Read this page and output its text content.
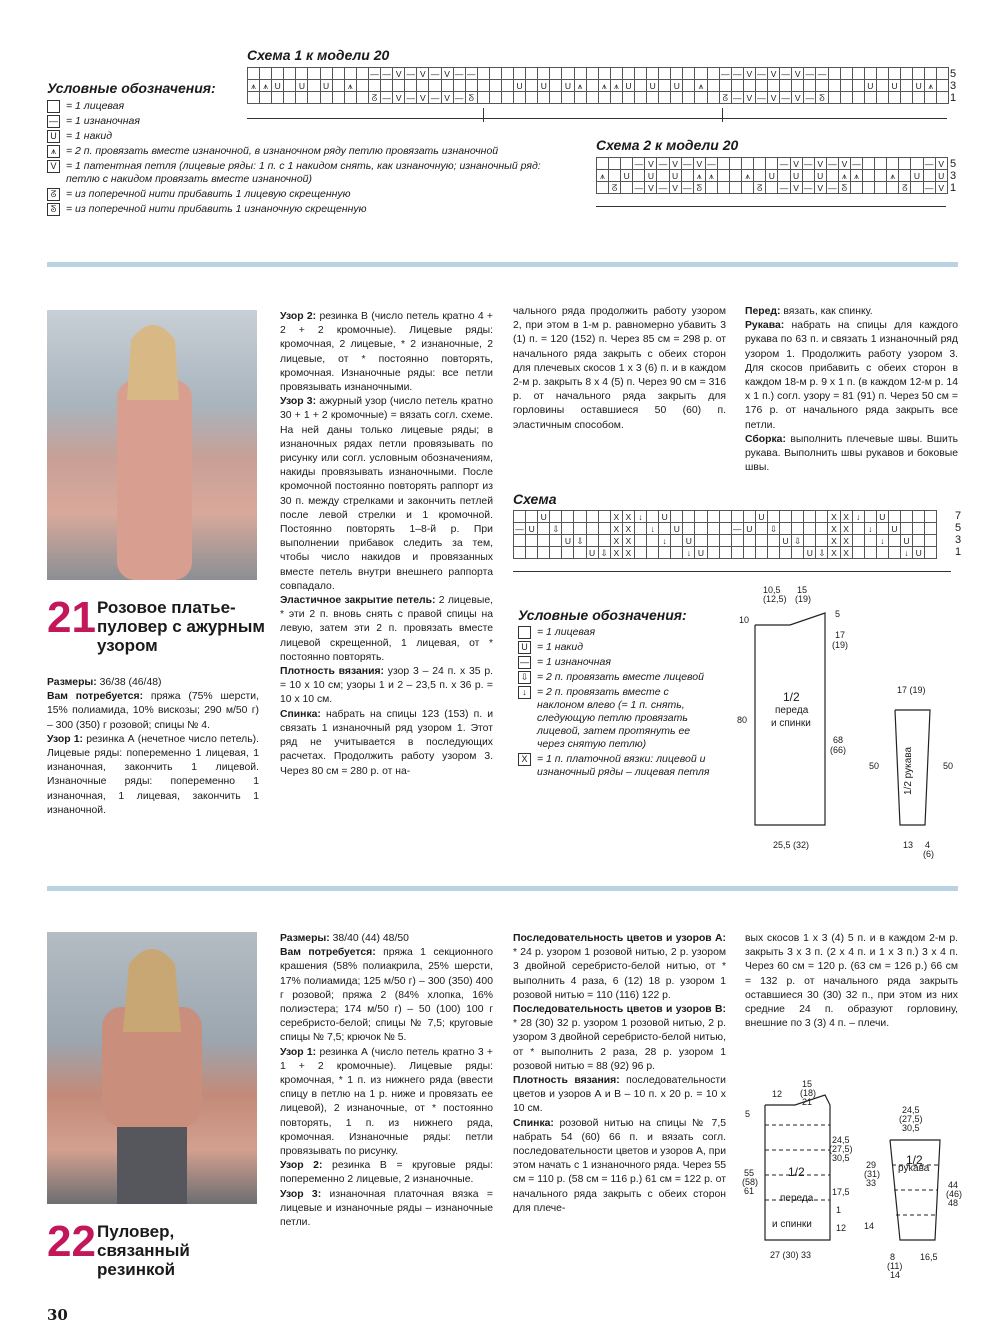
Условные обозначения:
= 1 лицевая
— = 1 изнаночная
U = 1 накид
⩚ = 2 п. провязать вместе изнаночной, в изнаночном ряду петлю провязать изнаночной
V = 1 патентная петля (лицевые ряды: 1 п. с 1 накидом снять, как изнаночную; изнаночный ряд: петлю с накидом провязать вместе изнаночной)
ᘔ = из поперечной нити прибавить 1 лицевую скрещенную
ᘕ = из поперечной нити прибавить 1 изнаночную скрещенную
Схема 1 к модели 20
										—	—	V	—	V	—	V	—	—																					—	—	V	—	V	—	V	—	—										
⩚	⩚	U		U		U		⩚														U		U		U	⩚		⩚	⩚	U		U		U		⩚														U		U		U	⩚	
										ᘔ	—	V	—	V	—	V	—	ᘕ																					ᘔ	—	V	—	V	—	V	—	ᘕ										
5
3
1
Схема 2 к модели 20
			—	V	—	V	—	V	—						—	V	—	V	—	V	—						—	V
⩚		U		U		U		⩚	⩚			⩚		U		U		U		⩚	⩚			⩚		U		U
	ᘔ		—	V	—	V	—	ᘕ					ᘔ		—	V	—	V	—	ᘕ					ᘔ		—	V
5
3
1
21 Розовое платье-пуловер с ажурным узором

Размеры: 36/38 (46/48)

Вам потребуется: пряжа (75% шерсти, 15% полиамида, 10% вискозы; 290 м/50 г) – 300 (350) г розовой; спицы № 4.

Узор 1: резинка А (нечетное число петель). Лицевые ряды: попеременно 1 лицевая, 1 изнаночная, закончить 1 лицевой. Изнаночные ряды: попеременно 1 изнаночная, 1 лицевая, закончить 1 изнаночной.

Узор 2: резинка В (число петель кратно 4 + 2 + 2 кромочные). Лицевые ряды: кромочная, 2 лицевые, * 2 изнаночные, 2 лицевые, от * постоянно повторять, кромочная. Изнаночные ряды: все петли провязывать изнаночными.

Узор 3: ажурный узор (число петель кратно 30 + 1 + 2 кромочные) = вязать согл. схеме. На ней даны только лицевые ряды; в изнаночных рядах петли провязывать по рисунку или согл. условным обозначениям, накиды провязывать изнаночными. После кромочной постоянно повторять раппорт из 30 п. между стрелками и закончить петлей после левой стрелки и 1 кромочной. Постоянно повторять 1–8-й р. При выполнении прибавок следить за тем, чтобы число накидов и провязанных вместе петель внутри внешнего раппорта совпадало.

Эластичное закрытие петель: 2 лицевые, * эти 2 п. вновь снять с правой спицы на левую, затем эти 2 п. провязать вместе лицевой скрещенной, 1 лицевая, от * постоянно повторять.

Плотность вязания: узор 3 – 24 п. х 35 р. = 10 х 10 см; узоры 1 и 2 – 23,5 п. х 36 р. = 10 х 10 см.

Спинка: набрать на спицы 123 (153) п. и связать 1 изнаночный ряд узором 1. Этот ряд не учитывается в последующих расчетах. Продолжить работу узором 3. Через 80 см = 280 р. от на-

чального ряда продолжить работу узором 2, при этом в 1-м р. равномерно убавить 3 (1) п. = 120 (152) п. Через 85 см = 298 р. от начального ряда закрыть с обеих сторон для плечевых скосов 1 х 3 (6) п. и в каждом 2-м р. закрыть 8 х 4 (5) п. Через 90 см = 316 р. от начального ряда закрыть для горловины оставшиеся 50 (60) п. эластичным способом.

Перед: вязать, как спинку.

Рукава: набрать на спицы для каждого рукава по 63 п. и связать 1 изнаночный ряд узором 1. Продолжить работу узором 3. Для скосов прибавить с обеих сторон в каждом 18-м р. 9 х 1 п. (в каждом 12-м р. 14 х 1 п.) согл. узору = 81 (91) п. Через 50 см = 176 р. от начального ряда закрыть все петли.

Сборка: выполнить плечевые швы. Вшить рукава. Выполнить швы рукавов и боковые швы.

Схема
		U						X	X	↓		U								U						X	X	↓		U				
—	U		⇩					X	X		↓		U					—	U		⇩					X	X		↓		U			
				U	⇩			X	X			↓		U								U	⇩			X	X			↓		U		
						U	⇩	X	X					↓	U									U	⇩	X	X					↓	U	
7
5
3
1
Условные обозначения:
= 1 лицевая
U = 1 накид
— = 1 изнаночная
⇩ = 2 п. провязать вместе лицевой
↓ = 2 п. провязать вместе с наклоном влево (= 1 п. снять, следующую петлю провязать лицевой, затем протянуть ее через снятую петлю)
X = 1 п. платочной вязки: лицевой и изнаночный ряды – лицевая петля
10,5
(12,5)
15
(19)
10
5
17
(19)
80
1/2
переда
и спинки
68
(66)
25,5 (32)
17 (19)
1/2 рукава
50	50
13 4
(6)
22 Пуловер, связанный резинкой

Размеры: 38/40 (44) 48/50

Вам потребуется: пряжа 1 секционного крашения (58% полиакрила, 25% шерсти, 17% полиамида; 125 м/50 г) – 300 (350) 400 г розовой; пряжа 2 (84% хлопка, 16% полиэстера; 174 м/50 г) – 50 (100) 100 г серебристо-белой; спицы № 7,5; круговые спицы № 7,5; крючок № 5.

Узор 1: резинка А (число петель кратно 3 + 1 + 2 кромочные). Лицевые ряды: кромочная, * 1 п. из нижнего ряда (ввести спицу в петлю на 1 р. ниже и провязать ее лицевой), 2 изнаночные, от * постоянно повторять, 1 п. из нижнего ряда, кромочная. Изнаночные ряды: петли провязывать по рисунку.

Узор 2: резинка В = круговые ряды: попеременно 2 лицевые, 2 изнаночные.

Узор 3: изнаночная платочная вязка = лицевые и изнаночные ряды – изнаночные петли.

Последовательность цветов и узоров А: * 24 р. узором 1 розовой нитью, 2 р. узором 3 двойной серебристо-белой нитью, от * выполнить 4 раза, 6 (12) 18 р. узором 1 розовой нитью = 110 (116) 122 р.

Последовательность цветов и узоров В: * 28 (30) 32 р. узором 1 розовой нитью, 2 р. узором 3 двойной серебристо-белой нитью, от * выполнить 2 раза, 28 р. узором 1 розовой нитью = 88 (92) 96 р.

Плотность вязания: последовательности цветов и узоров А и В – 10 п. х 20 р. = 10 х 10 см.

Спинка: розовой нитью на спицы № 7,5 набрать 54 (60) 66 п. и вязать согл. последовательности цветов и узоров А, при этом начать с 1 изнаночного ряда. Через 55 см = 110 р. (58 см = 116 р.) 61 см = 122 р. от начального ряда закрыть с обеих сторон для плече-

вых скосов 1 х 3 (4) 5 п. и в каждом 2-м р. закрыть 3 х 3 п. (2 х 4 п. и 1 х 3 п.) 3 х 4 п. Через 60 см = 120 р. (63 см = 126 р.) 66 см = 132 р. от начального ряда закрыть оставшиеся 30 (30) 32 п., при этом из них средние 24 п. образуют горловину, внешние по 3 (3) 4 п. – плечи.

15
(18)
21
12
5
24,5
(27,5)
30,5
55
(58)
61
1/2
переда
и спинки
17,5
12
1
14
27 (30) 33
24,5
(27,5)
30,5
29
(31)
33
1/2
рукава
44
(46)
48
8
(11)
14
16,5
30
